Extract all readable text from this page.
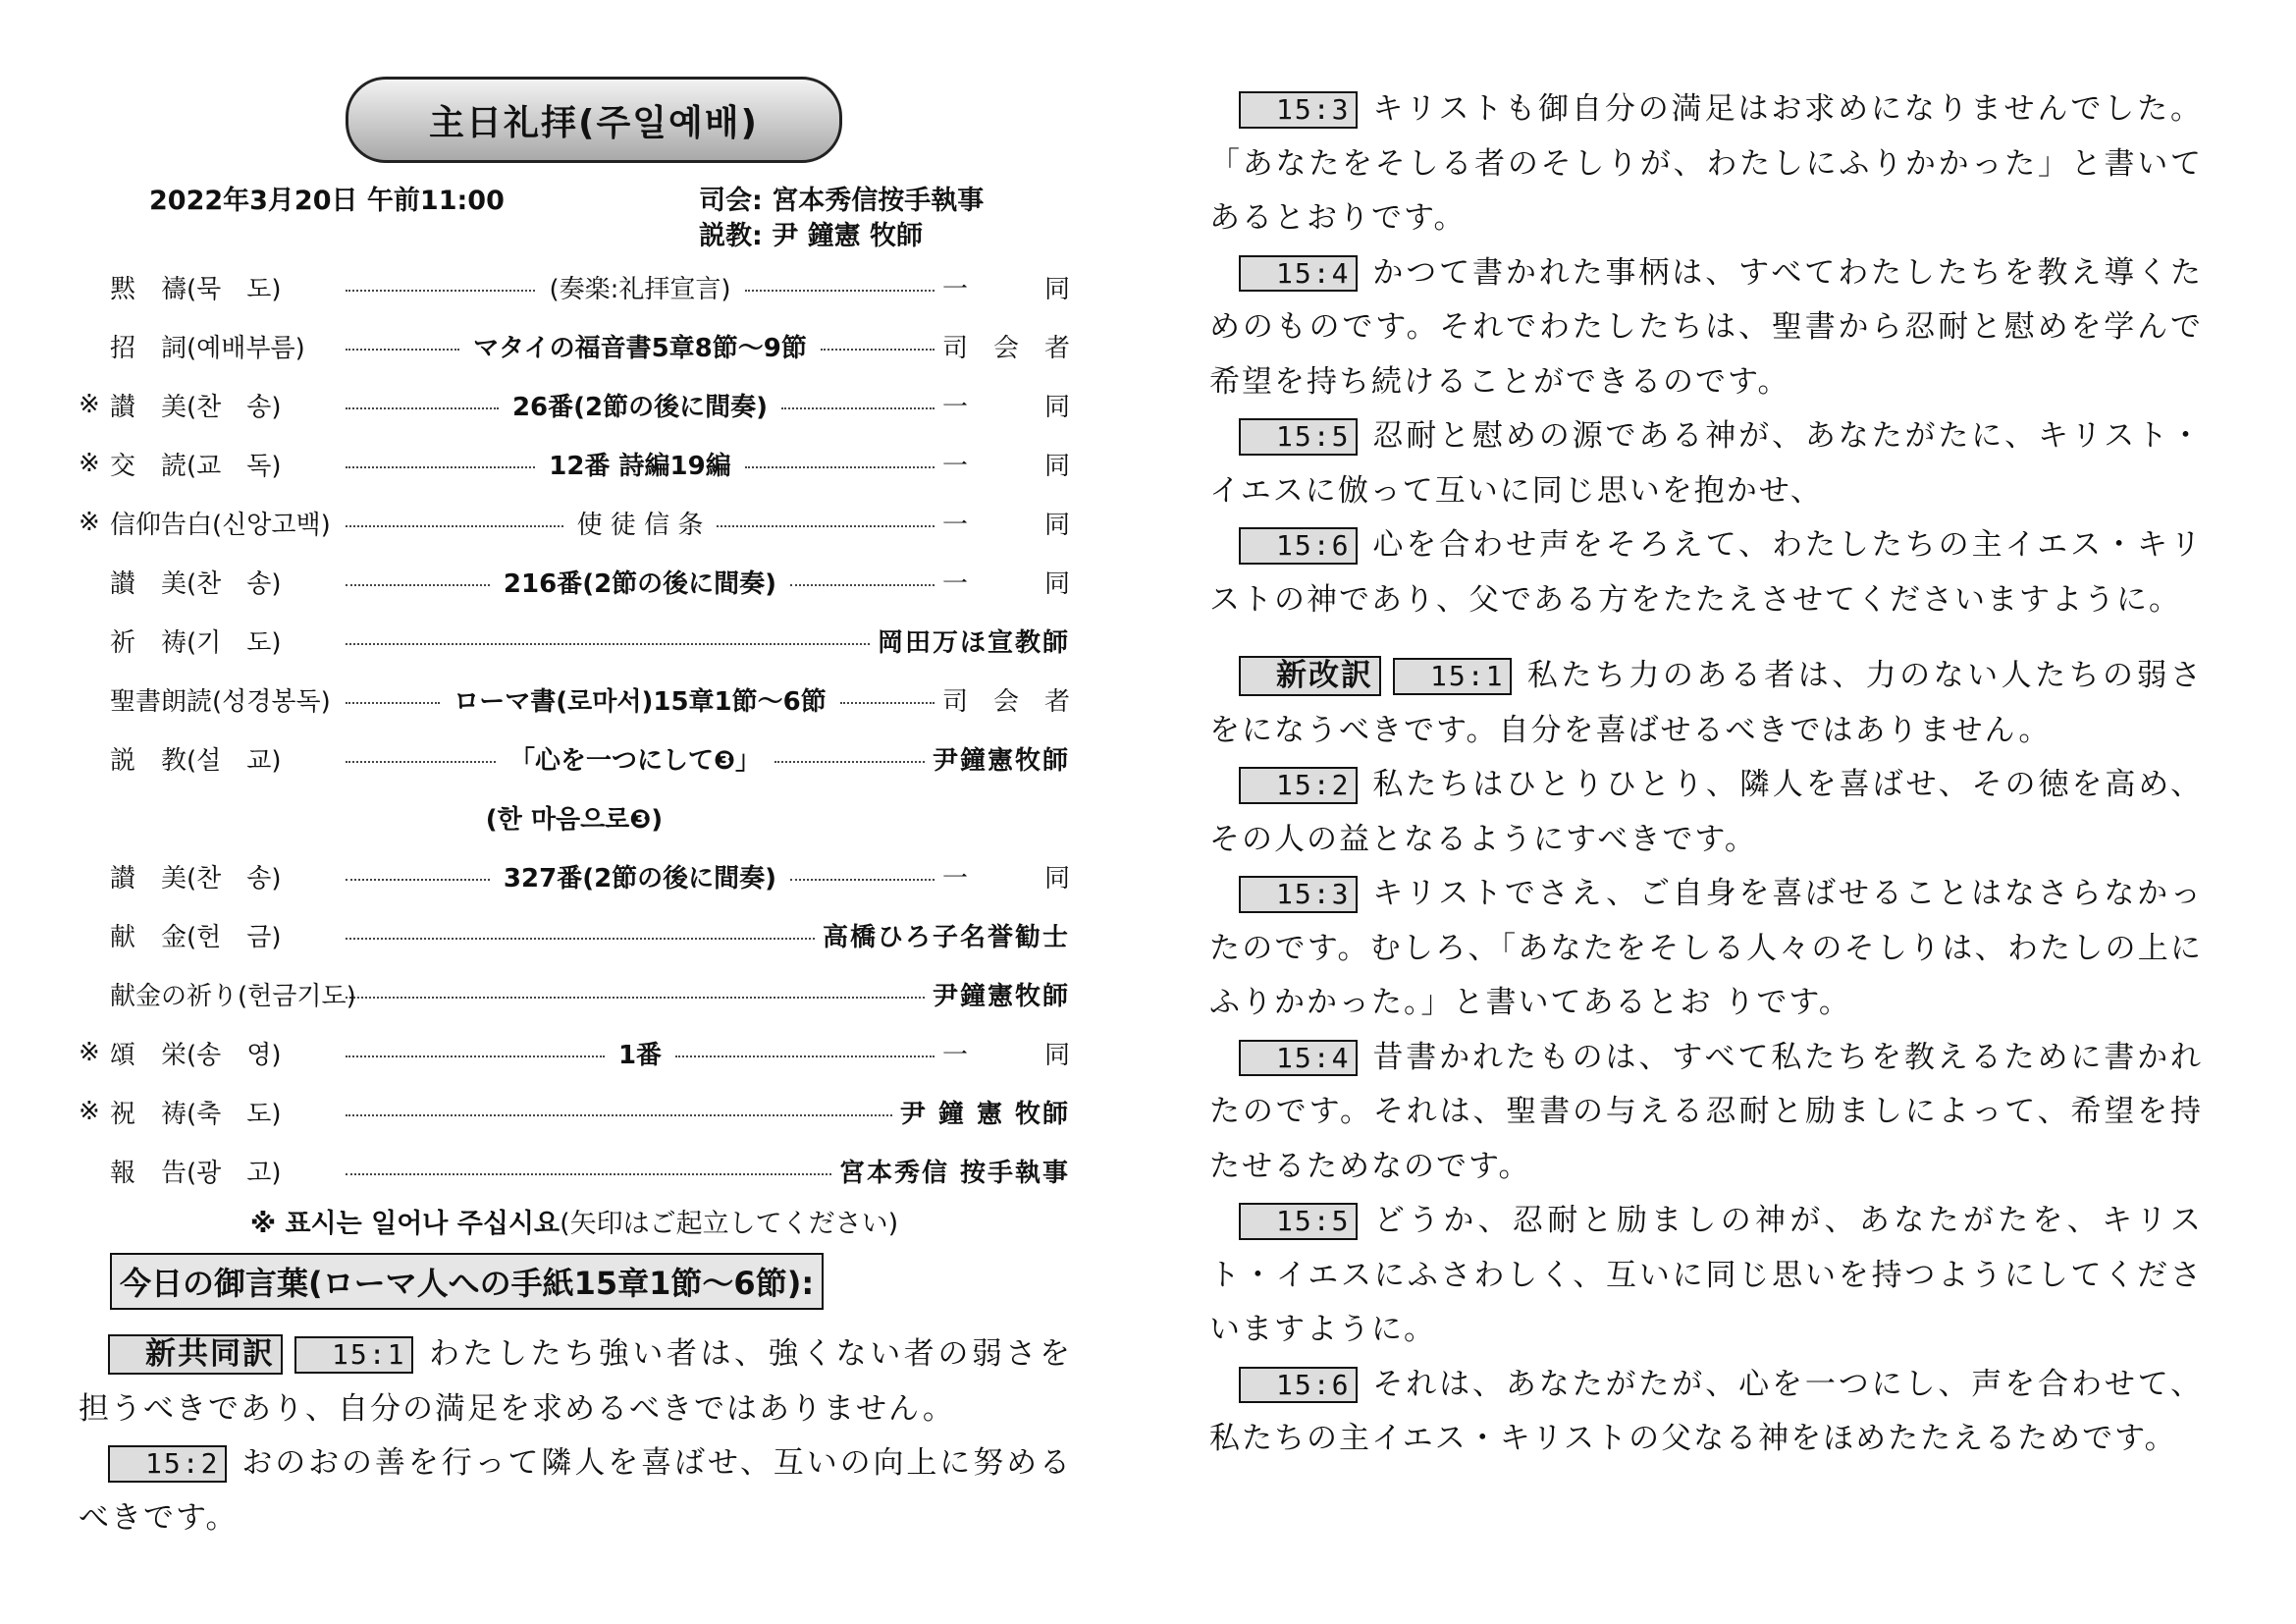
主日礼拝(주일예배)
2022年3月20日 午前11:00	司会: 宮本秀信按手執事
説教: 尹 鐘憲 牧師
黙　禱(묵　도)	(奏楽:礼拝宣言)	一　同
招　詞(예배부름)	マタイの福音書5章8節〜9節	司会者
※ 讃　美(찬　송)	26番(2節の後に間奏)	一　同
※ 交　読(교　독)	12番 詩編19編	一　同
※ 信仰告白(신앙고백)	使 徒 信 条	一　同
讃　美(찬　송)	216番(2節の後に間奏)	一　同
祈　祷(기　도)	岡田万ほ宣教師
聖書朗読(성경봉독)	ローマ書(로마서)15章1節〜6節	司会者
説　教(설　교)	「心を一つにして❸」	尹鐘憲牧師
(한 마음으로❸)
讃　美(찬　송)	327番(2節の後に間奏)	一　同
献　金(헌　금)	高橋ひろ子名誉勧士
献金の祈り(헌금기도)	尹鐘憲牧師
※ 頌　栄(송　영)	1番	一　同
※ 祝　祷(축　도)	尹 鐘 憲 牧師
報　告(광　고)	宮本秀信 按手執事
※ 표시는 일어나 주십시요(矢印はご起立してください)
今日の御言葉(ローマ人への手紙15章1節〜6節):

新共同訳 15:1 わたしたち強い者は、強くない者の弱さを担うべきであり、自分の満足を求めるべきではありません。

15:2 おのおの善を行って隣人を喜ばせ、互いの向上に努めるべきです。

15:3 キリストも御自分の満足はお求めになりませんでした。「あなたをそしる者のそしりが、わたしにふりかかった」と書いてあるとおりです。

15:4 かつて書かれた事柄は、すべてわたしたちを教え導くためのものです。それでわたしたちは、聖書から忍耐と慰めを学んで希望を持ち続けることができるのです。

15:5 忍耐と慰めの源である神が、あなたがたに、キリスト・イエスに倣って互いに同じ思いを抱かせ、

15:6 心を合わせ声をそろえて、わたしたちの主イエス・キリストの神であり、父である方をたたえさせてくださいますように。

新改訳 15:1 私たち力のある者は、力のない人たちの弱さをになうべきです。自分を喜ばせるべきではありません。

15:2 私たちはひとりひとり、隣人を喜ばせ、その徳を高め、その人の益となるようにすべきです。

15:3 キリストでさえ、ご自身を喜ばせることはなさらなかったのです。むしろ、「あなたをそしる人々のそしりは、わたしの上にふりかかった。」と書いてあるとお りです。

15:4 昔書かれたものは、すべて私たちを教えるために書かれたのです。それは、聖書の与える忍耐と励ましによって、希望を持たせるためなのです。

15:5 どうか、忍耐と励ましの神が、あなたがたを、キリスト・イエスにふさわしく、互いに同じ思いを持つようにしてくださいますように。

15:6 それは、あなたがたが、心を一つにし、声を合わせて、私たちの主イエス・キリストの父なる神をほめたたえるためです。
